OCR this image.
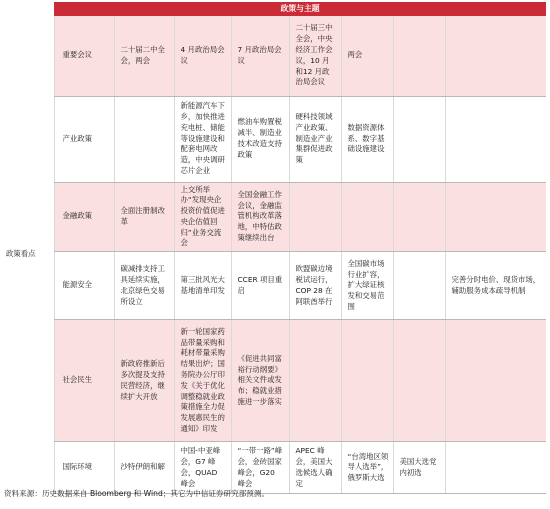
	政策与主题							
政策看点	重要会议	二十届二中全会，两会	4 月政治局会议	7 月政治局会议	二十届三中全会，中央经济工作会议，10 月和12 月政治局会议	两会		
	产业政策		新能源汽车下乡，加快推进充电桩、储能等设施建设和配套电网改造，中央调研芯片企业	燃油车购置税减半、制造业技术改造支持政策	硬科技领域产业政策、制造业产业集群促进政策	数据资源体系、数字基础设施建设		
	金融政策	全面注册制改革	上交所举办“发现央企投资价值促进央企估值回归”业务交流会	全国金融工作会议，金融监管机构改革落地，中特估政策继续出台				
	能源安全	碳减排支持工具延续实施，北京绿色交易所设立	第三批风光大基地清单印发	CCER 项目重启	欧盟碳边境税试运行，COP 28 在阿联酋举行	全国碳市场行业扩容，扩大绿证核发和交易范围		完善分时电价、现货市场，辅助服务成本疏导机制
	社会民生	新政府推新后多次提及支持民营经济，继续扩大开放	新一轮国家药品带量采购和耗材带量采购结果出炉；国务院办公厅印发《关于优化调整稳就业政策措施全力促发展惠民生的通知》印发	《促进共同富裕行动纲要》相关文件或发布；稳就业措施进一步落实				
	国际环境	沙特伊朗和解	中国-中亚峰会，G7 峰会，QUAD 峰会	“一带一路”峰会，金砖国家峰会，G20 峰会	APEC 峰会，美国大选候选人确定	“台湾地区领导人选举”，俄罗斯大选	美国大选党内初选	
资料来源：历史数据来自 Bloomberg 和 Wind；其它为中信证券研究部预测。
